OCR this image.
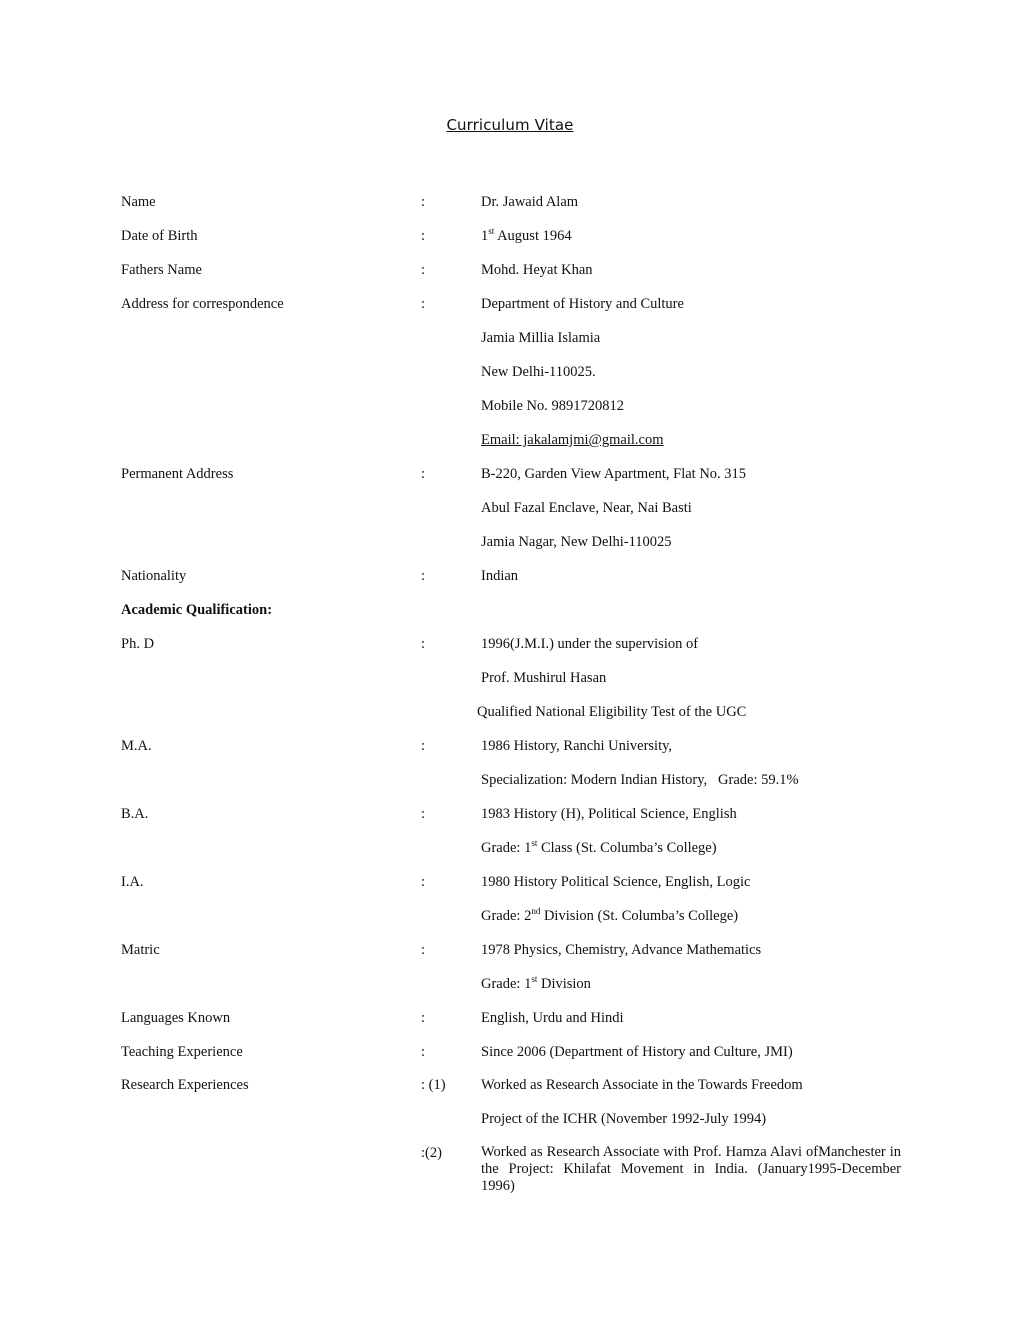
Curriculum Vitae
Name	:	Dr. Jawaid Alam
Date of Birth	:	1st August 1964
Fathers Name	:	Mohd. Heyat Khan
Address for correspondence	:	Department of History and Culture
Jamia Millia Islamia
New Delhi-110025.
Mobile No. 9891720812
Email: jakalamjmi@gmail.com
Permanent Address	:	B-220, Garden View Apartment, Flat No. 315
Abul Fazal Enclave, Near, Nai Basti
Jamia Nagar, New Delhi-110025
Nationality	:	Indian
Academic Qualification:
Ph. D	:	1996(J.M.I.) under the supervision of
Prof. Mushirul Hasan
Qualified National Eligibility Test of the UGC
M.A.	:	1986 History, Ranchi University,
Specialization: Modern Indian History,   Grade: 59.1%
B.A.	:	1983 History (H), Political Science, English
Grade: 1st Class (St. Columba’s College)
I.A.	:	1980 History Political Science, English, Logic
Grade: 2nd Division (St. Columba’s College)
Matric	:	1978 Physics, Chemistry, Advance Mathematics
Grade: 1st Division
Languages Known	:	English, Urdu and Hindi
Teaching Experience	:	Since 2006 (Department of History and Culture, JMI)
Research Experiences	: (1) Worked as Research Associate in the Towards Freedom
Project of the ICHR (November 1992-July 1994)
:(2)	Worked as Research Associate with Prof. Hamza Alavi ofManchester in the Project: Khilafat Movement in India. (January1995-December 1996)
